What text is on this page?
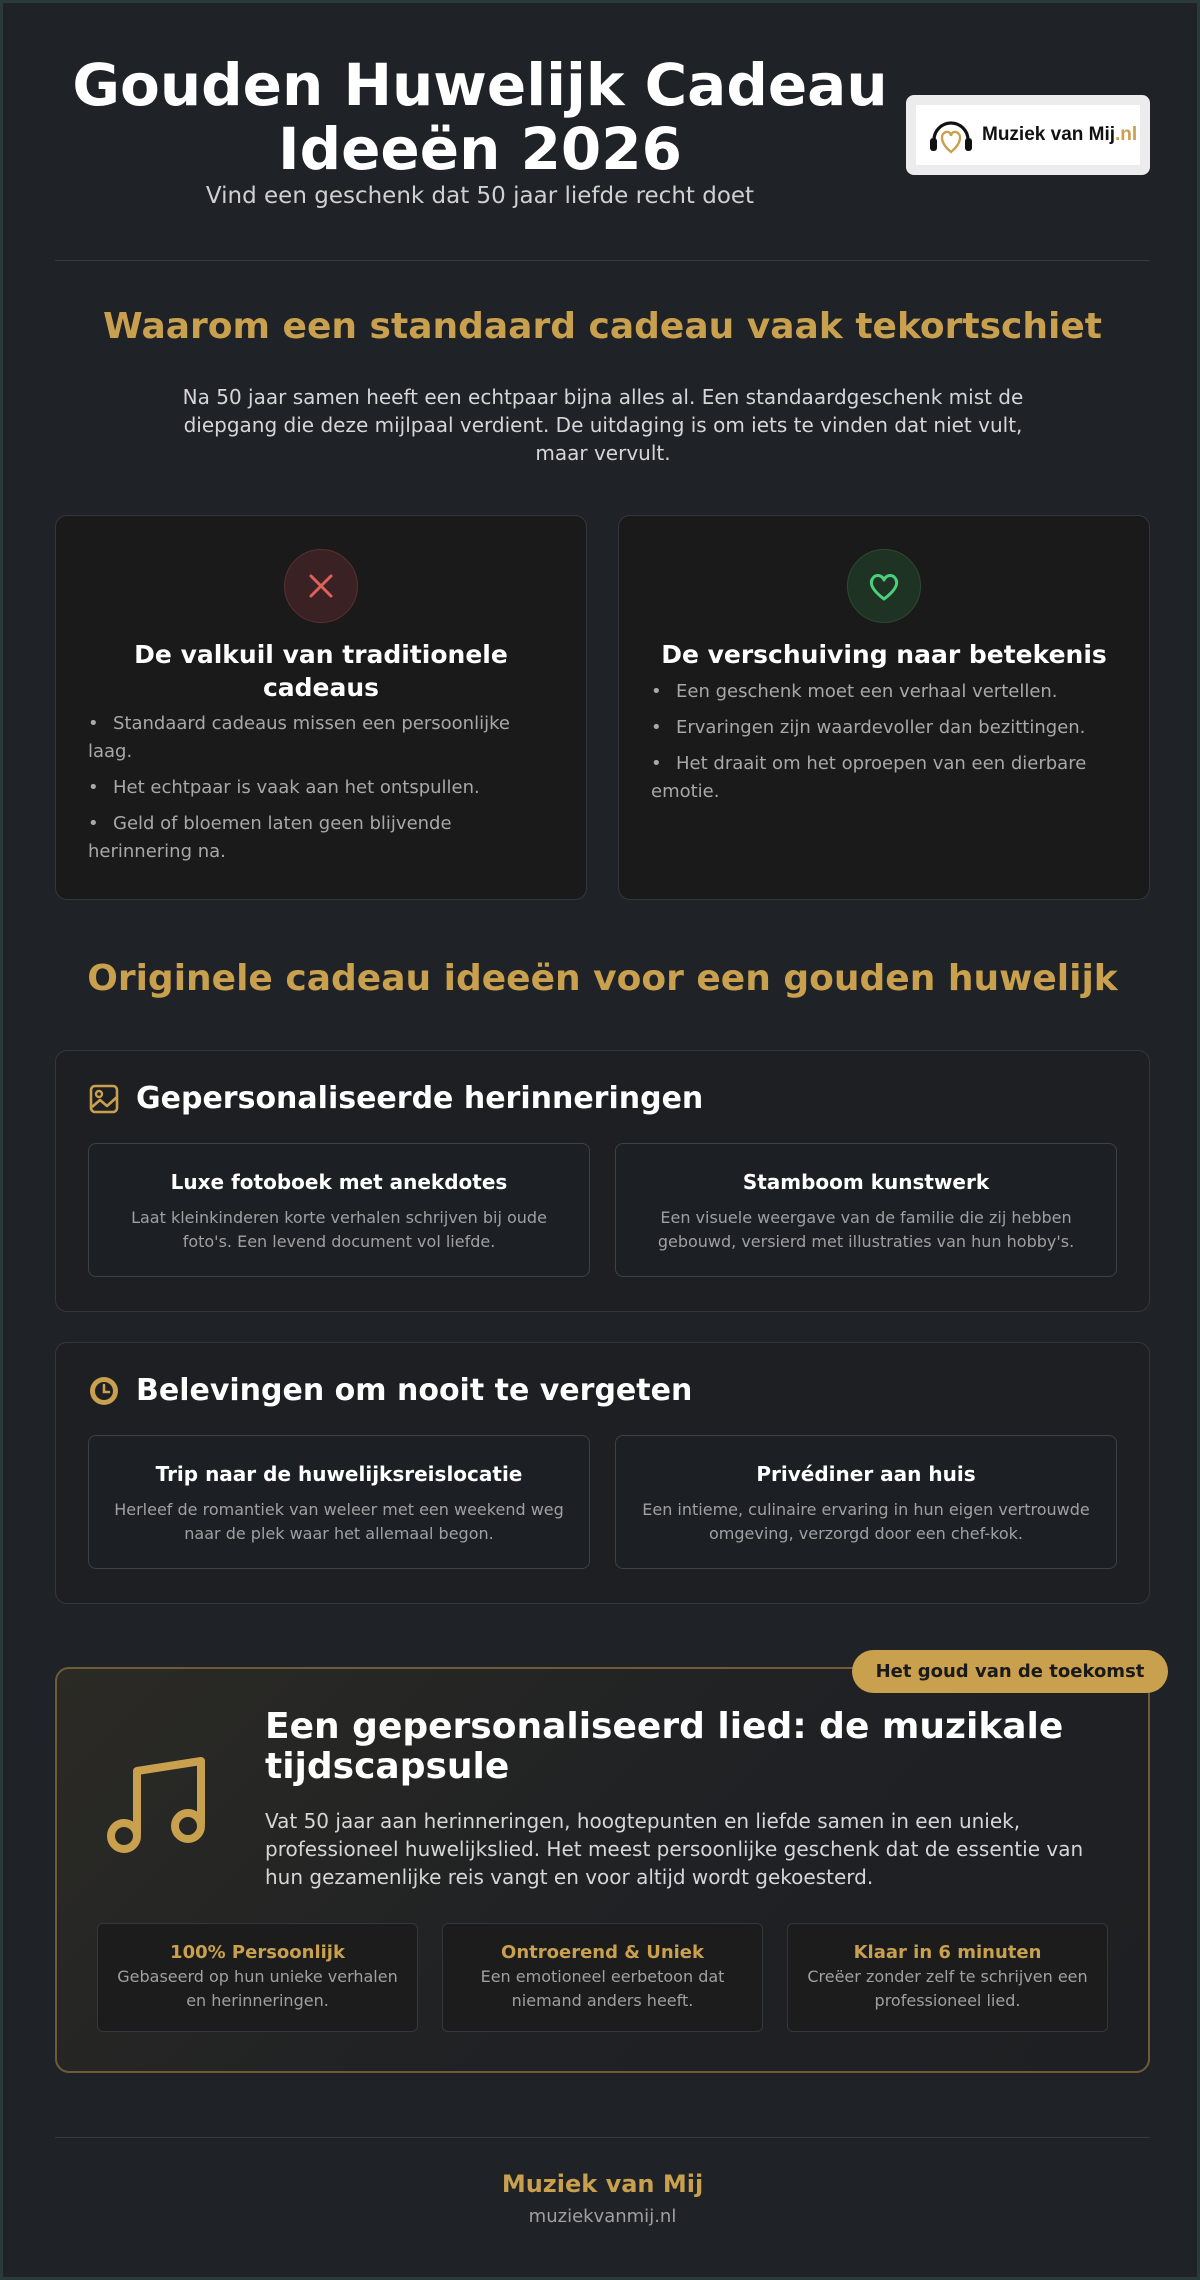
Gouden Huwelijk Cadeau
Ideeën 2026
Vind een geschenk dat 50 jaar liefde recht doet
Muziek van Mij.nl
Waarom een standaard cadeau vaak tekortschiet
Na 50 jaar samen heeft een echtpaar bijna alles al. Een standaardgeschenk mist de diepgang die deze mijlpaal verdient. De uitdaging is om iets te vinden dat niet vult, maar vervult.
De valkuil van traditionele cadeaus
• Standaard cadeaus missen een persoonlijke laag.
• Het echtpaar is vaak aan het ontspullen.
• Geld of bloemen laten geen blijvende herinnering na.
De verschuiving naar betekenis
• Een geschenk moet een verhaal vertellen.
• Ervaringen zijn waardevoller dan bezittingen.
• Het draait om het oproepen van een dierbare emotie.
Originele cadeau ideeën voor een gouden huwelijk
Gepersonaliseerde herinneringen
Luxe fotoboek met anekdotes

Laat kleinkinderen korte verhalen schrijven bij oude foto's. Een levend document vol liefde.

Stamboom kunstwerk

Een visuele weergave van de familie die zij hebben gebouwd, versierd met illustraties van hun hobby's.

Belevingen om nooit te vergeten
Trip naar de huwelijksreislocatie

Herleef de romantiek van weleer met een weekend weg naar de plek waar het allemaal begon.

Privédiner aan huis

Een intieme, culinaire ervaring in hun eigen vertrouwde omgeving, verzorgd door een chef-kok.

Een gepersonaliseerd lied: de muzikale tijdscapsule
Vat 50 jaar aan herinneringen, hoogtepunten en liefde samen in een uniek, professioneel huwelijkslied. Het meest persoonlijke geschenk dat de essentie van hun gezamenlijke reis vangt en voor altijd wordt gekoesterd.
100% Persoonlijk

Gebaseerd op hun unieke verhalen en herinneringen.

Ontroerend & Uniek

Een emotioneel eerbetoon dat niemand anders heeft.

Klaar in 6 minuten

Creëer zonder zelf te schrijven een professioneel lied.

Het goud van de toekomst
Muziek van Mij
muziekvanmij.nl
